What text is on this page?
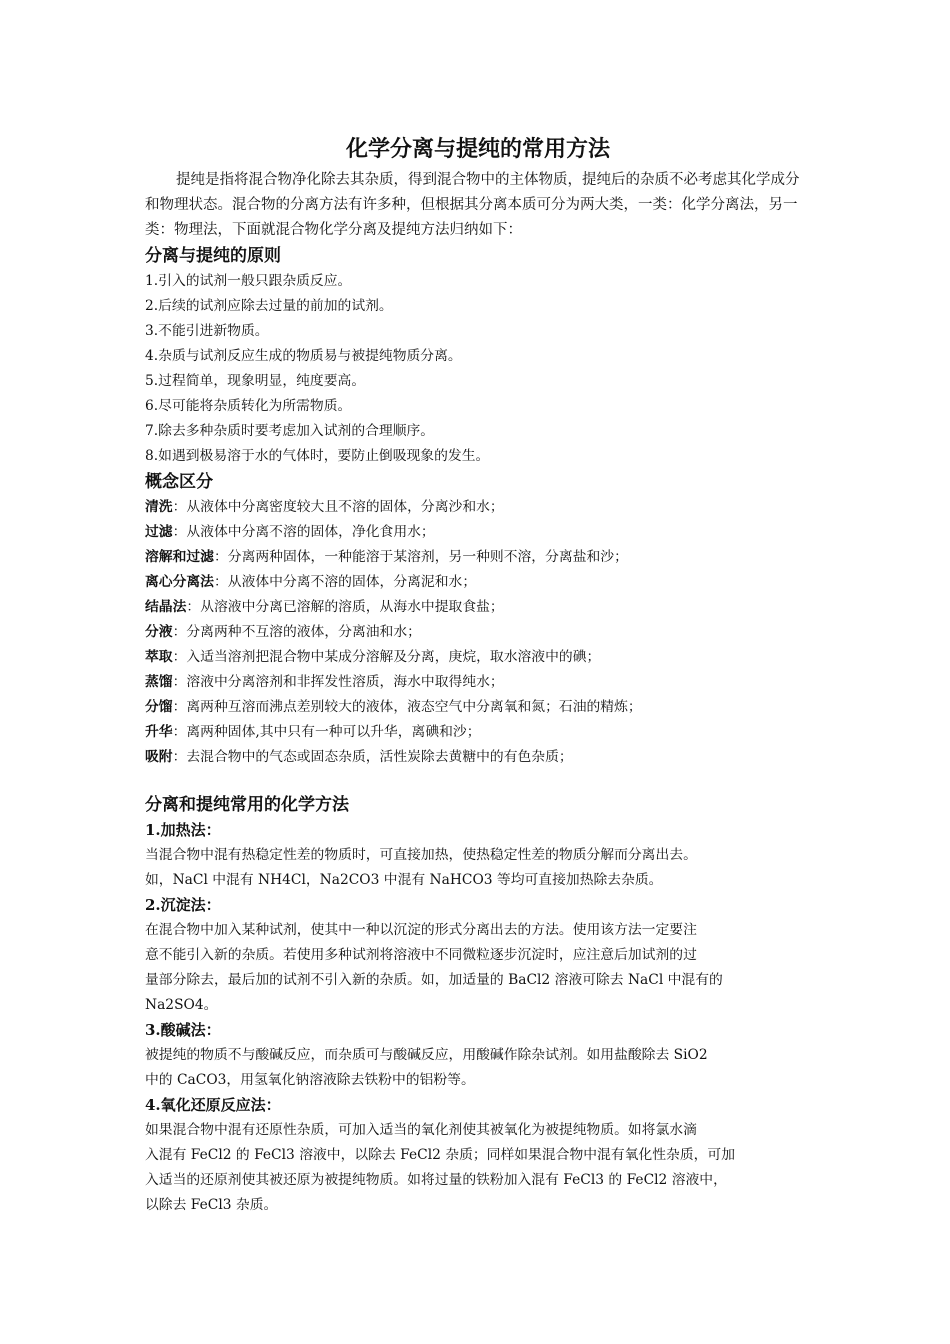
化学分离与提纯的常用方法

提纯是指将混合物净化除去其杂质，得到混合物中的主体物质，提纯后的杂质不必考虑其化学成分和物理状态。混合物的分离方法有许多种，但根据其分离本质可分为两大类，一类：化学分离法，另一类：物理法，下面就混合物化学分离及提纯方法归纳如下：

分离与提纯的原则

1.引入的试剂一般只跟杂质反应。

2.后续的试剂应除去过量的前加的试剂。

3.不能引进新物质。

4.杂质与试剂反应生成的物质易与被提纯物质分离。

5.过程简单，现象明显，纯度要高。

6.尽可能将杂质转化为所需物质。

7.除去多种杂质时要考虑加入试剂的合理顺序。

8.如遇到极易溶于水的气体时，要防止倒吸现象的发生。

概念区分

清洗：从液体中分离密度较大且不溶的固体，分离沙和水；

过滤：从液体中分离不溶的固体，净化食用水；

溶解和过滤：分离两种固体，一种能溶于某溶剂，另一种则不溶，分离盐和沙；

离心分离法：从液体中分离不溶的固体，分离泥和水；

结晶法：从溶液中分离已溶解的溶质，从海水中提取食盐；

分液：分离两种不互溶的液体，分离油和水；

萃取：入适当溶剂把混合物中某成分溶解及分离，庚烷，取水溶液中的碘；

蒸馏：溶液中分离溶剂和非挥发性溶质，海水中取得纯水；

分馏：离两种互溶而沸点差别较大的液体，液态空气中分离氧和氮；石油的精炼；

升华：离两种固体,其中只有一种可以升华，离碘和沙；

吸附：去混合物中的气态或固态杂质，活性炭除去黄糖中的有色杂质；

分离和提纯常用的化学方法

1.加热法：

当混合物中混有热稳定性差的物质时，可直接加热，使热稳定性差的物质分解而分离出去。

如，NaCl 中混有 NH4Cl，Na2CO3 中混有 NaHCO3 等均可直接加热除去杂质。

2.沉淀法：

在混合物中加入某种试剂，使其中一种以沉淀的形式分离出去的方法。使用该方法一定要注

意不能引入新的杂质。若使用多种试剂将溶液中不同微粒逐步沉淀时，应注意后加试剂的过

量部分除去，最后加的试剂不引入新的杂质。如，加适量的 BaCl2 溶液可除去 NaCl 中混有的

Na2SO4。

3.酸碱法：

被提纯的物质不与酸碱反应，而杂质可与酸碱反应，用酸碱作除杂试剂。如用盐酸除去 SiO2

中的 CaCO3，用氢氧化钠溶液除去铁粉中的铝粉等。

4.氧化还原反应法：

如果混合物中混有还原性杂质，可加入适当的氧化剂使其被氧化为被提纯物质。如将氯水滴

入混有 FeCl2 的 FeCl3 溶液中，以除去 FeCl2 杂质；同样如果混合物中混有氧化性杂质，可加

入适当的还原剂使其被还原为被提纯物质。如将过量的铁粉加入混有 FeCl3 的 FeCl2 溶液中，

以除去 FeCl3 杂质。
